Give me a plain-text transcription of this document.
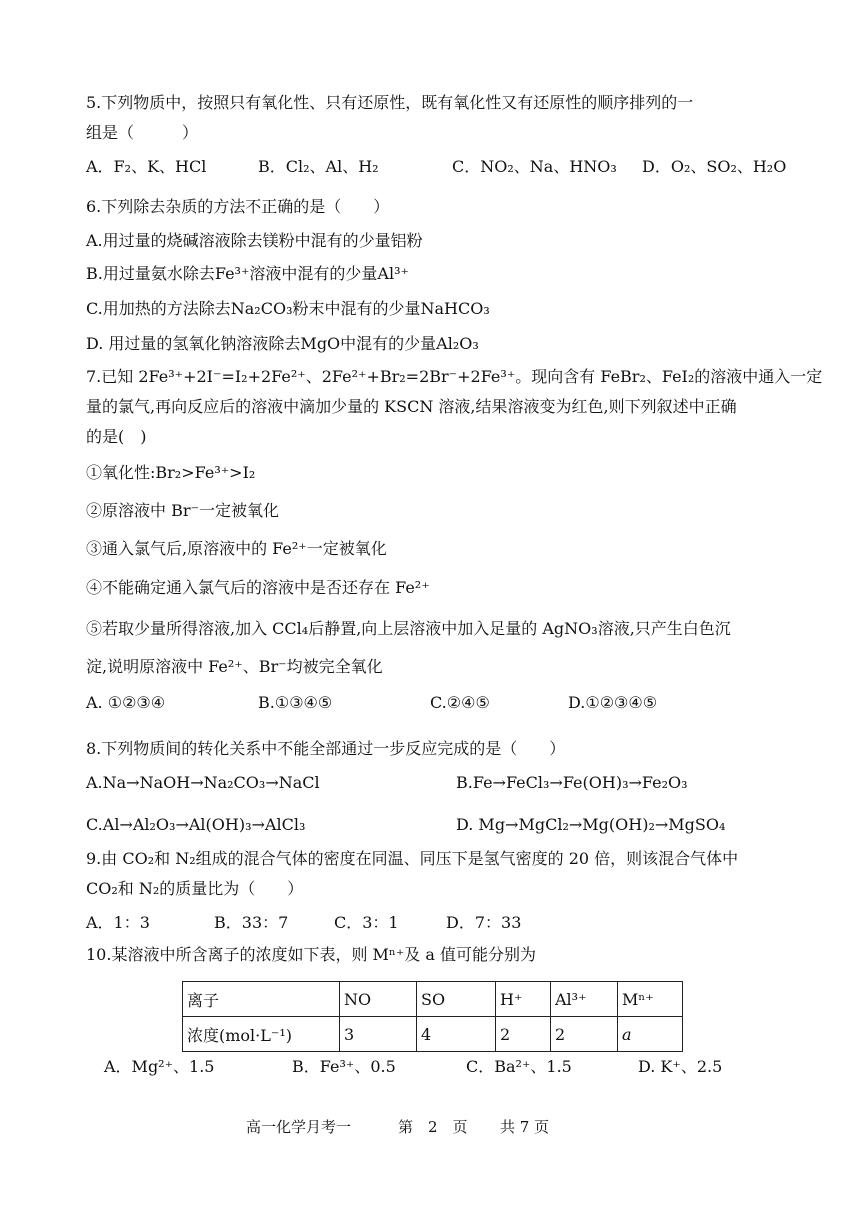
5.下列物质中，按照只有氧化性、只有还原性，既有氧化性又有还原性的顺序排列的一
组是（　　　）
A．F₂、K、HCl	B．Cl₂、Al、H₂	C．NO₂、Na、HNO₃ D．O₂、SO₂、H₂O
6.下列除去杂质的方法不正确的是（　　）
A.用过量的烧碱溶液除去镁粉中混有的少量铝粉
B.用过量氨水除去Fe³⁺溶液中混有的少量Al³⁺
C.用加热的方法除去Na₂CO₃粉末中混有的少量NaHCO₃
D. 用过量的氢氧化钠溶液除去MgO中混有的少量Al₂O₃
7.已知 2Fe³⁺+2I⁻=I₂+2Fe²⁺、2Fe²⁺+Br₂=2Br⁻+2Fe³⁺。现向含有 FeBr₂、FeI₂的溶液中通入一定
量的氯气,再向反应后的溶液中滴加少量的 KSCN 溶液,结果溶液变为红色,则下列叙述中正确
的是(　)
①氧化性:Br₂>Fe³⁺>I₂
②原溶液中 Br⁻一定被氧化
③通入氯气后,原溶液中的 Fe²⁺一定被氧化
④不能确定通入氯气后的溶液中是否还存在 Fe²⁺
⑤若取少量所得溶液,加入 CCl₄后静置,向上层溶液中加入足量的 AgNO₃溶液,只产生白色沉
淀,说明原溶液中 Fe²⁺、Br⁻均被完全氧化
A. ①②③④	B.①③④⑤	C.②④⑤	D.①②③④⑤
8.下列物质间的转化关系中不能全部通过一步反应完成的是（　　）
A.Na→NaOH→Na₂CO₃→NaCl	B.Fe→FeCl₃→Fe(OH)₃→Fe₂O₃
C.Al→Al₂O₃→Al(OH)₃→AlCl₃	D. Mg→MgCl₂→Mg(OH)₂→MgSO₄
9.由 CO₂和 N₂组成的混合气体的密度在同温、同压下是氢气密度的 20 倍，则该混合气体中
CO₂和 N₂的质量比为（　　）
A．1：3	B．33：7	C．3：1	D．7：33
10.某溶液中所含离子的浓度如下表，则 Mⁿ⁺及 a 值可能分别为
离子	NO	SO	H⁺	Al³⁺	Mⁿ⁺
浓度(mol·L⁻¹)	3	4	2	2	a
A．Mg²⁺、1.5	B．Fe³⁺、0.5	C．Ba²⁺、1.5	D. K⁺、2.5
高一化学月考一	第　2　页 共 7 页
